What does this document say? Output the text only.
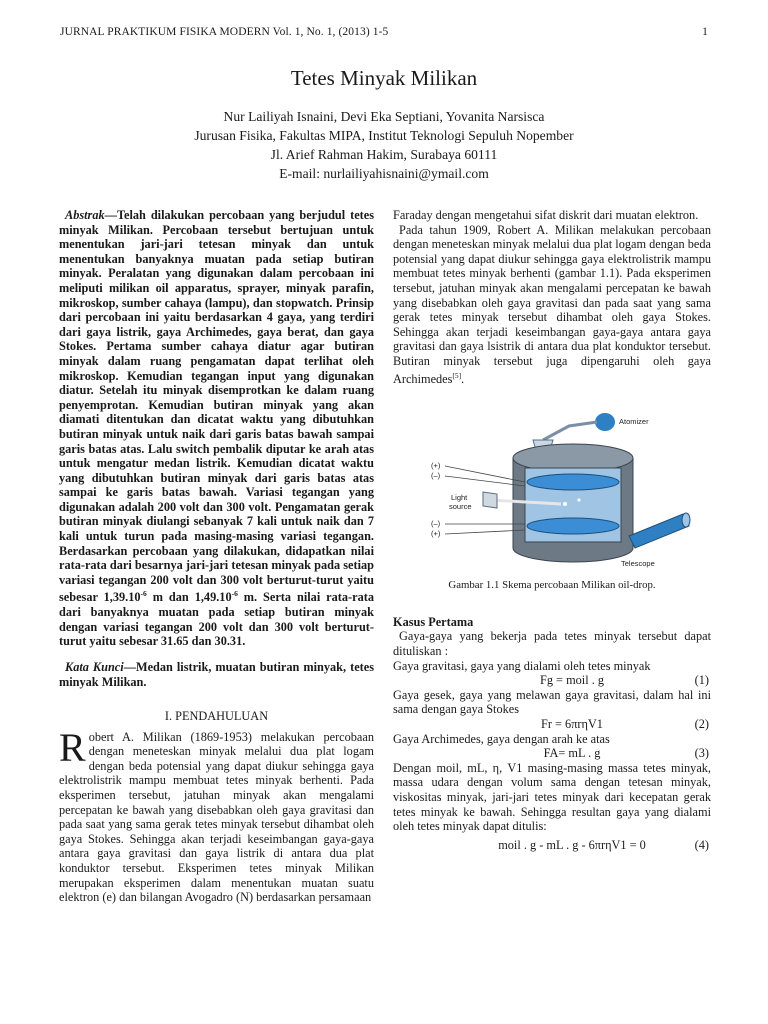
JURNAL PRAKTIKUM FISIKA MODERN Vol. 1, No. 1, (2013) 1-5	1
Tetes Minyak Milikan
Nur Lailiyah Isnaini, Devi Eka Septiani, Yovanita Narsisca
Jurusan Fisika, Fakultas MIPA, Institut Teknologi Sepuluh Nopember
Jl. Arief Rahman Hakim, Surabaya 60111
E-mail: nurlailiyahisnaini@ymail.com

Abstrak—Telah dilakukan percobaan yang berjudul tetes minyak Milikan. Percobaan tersebut bertujuan untuk menentukan jari-jari tetesan minyak dan untuk menentukan banyaknya muatan pada setiap butiran minyak. Peralatan yang digunakan dalam percobaan ini meliputi milikan oil apparatus, sprayer, minyak parafin, mikroskop, sumber cahaya (lampu), dan stopwatch. Prinsip dari percobaan ini yaitu berdasarkan 4 gaya, yang terdiri dari gaya listrik, gaya Archimedes, gaya berat, dan gaya Stokes. Pertama sumber cahaya diatur agar butiran minyak dalam ruang pengamatan dapat terlihat oleh mikroskop. Kemudian tegangan input yang digunakan diatur. Setelah itu minyak disemprotkan ke dalam ruang penyemprotan. Kemudian butiran minyak yang akan diamati ditentukan dan dicatat waktu yang dibutuhkan butiran minyak untuk naik dari garis batas bawah sampai garis batas atas. Lalu switch pembalik diputar ke arah atas untuk mengatur medan listrik. Kemudian dicatat waktu yang dibutuhkan butiran minyak dari garis batas atas sampai ke garis batas bawah. Variasi tegangan yang digunakan adalah 200 volt dan 300 volt. Pengamatan gerak butiran minyak diulangi sebanyak 7 kali untuk naik dan 7 kali untuk turun pada masing-masing variasi tegangan. Berdasarkan percobaan yang dilakukan, didapatkan nilai rata-rata dari besarnya jari-jari tetesan minyak pada setiap variasi tegangan 200 volt dan 300 volt berturut-turut yaitu sebesar $1,39.10^{-6}$ m dan $1,49.10^{-6}$ m. Serta nilai rata-rata dari banyaknya muatan pada setiap butiran minyak dengan variasi tegangan 200 volt dan 300 volt berturut-turut yaitu sebesar 31.65 dan 30.31.

Kata Kunci—Medan listrik, muatan butiran minyak, tetes minyak Milikan.

I. PENDAHULUAN

Robert A. Milikan (1869-1953) melakukan percobaan dengan meneteskan minyak melalui dua plat logam dengan beda potensial yang dapat diukur sehingga gaya elektrolistrik mampu membuat tetes minyak berhenti. Pada eksperimen tersebut, jatuhan minyak akan mengalami percepatan ke bawah yang disebabkan oleh gaya gravitasi dan pada saat yang sama gerak tetes minyak tersebut dihambat oleh gaya Stokes. Sehingga akan terjadi keseimbangan gaya-gaya antara gaya gravitasi dan gaya listrik di antara dua plat konduktor tersebut. Eksperimen tetes minyak Milikan merupakan eksperimen dalam menentukan muatan suatu elektron (e) dan bilangan Avogadro (N) berdasarkan persamaan

Faraday dengan mengetahui sifat diskrit dari muatan elektron.

Pada tahun 1909, Robert A. Milikan melakukan percobaan dengan meneteskan minyak melalui dua plat logam dengan beda potensial yang dapat diukur sehingga gaya elektrolistrik mampu membuat tetes minyak berhenti (gambar 1.1). Pada eksperimen tersebut, jatuhan minyak akan mengalami percepatan ke bawah yang disebabkan oleh gaya gravitasi dan pada saat yang sama gerak tetes minyak tersebut dihambat oleh gaya Stokes. Sehingga akan terjadi keseimbangan gaya-gaya antara gaya gravitasi dan gaya lsistrik di antara dua plat konduktor tersebut. Butiran minyak tersebut juga dipengaruhi oleh gaya Archimedes[5].

Atomizer
Light
source
(+)
(–)
(–)
(+)
Telescope
Gambar 1.1 Skema percobaan Milikan oil-drop.
Kasus Pertama

Gaya-gaya yang bekerja pada tetes minyak tersebut dapat dituliskan :

Gaya gravitasi, gaya yang dialami oleh tetes minyak

Fg = moil . g	(1)

Gaya gesek, gaya yang melawan gaya gravitasi, dalam hal ini sama dengan gaya Stokes

Fr = 6πrηV1	(2)

Gaya Archimedes, gaya dengan arah ke atas

FA= mL . g	(3)

Dengan moil, mL, η, V1 masing-masing massa tetes minyak, massa udara dengan volum sama dengan tetesan minyak, viskositas minyak, jari-jari tetes minyak dari kecepatan gerak tetes minyak ke bawah. Sehingga resultan gaya yang dialami oleh tetes minyak dapat ditulis:

moil . g - mL . g - 6πrηV1 = 0	(4)
